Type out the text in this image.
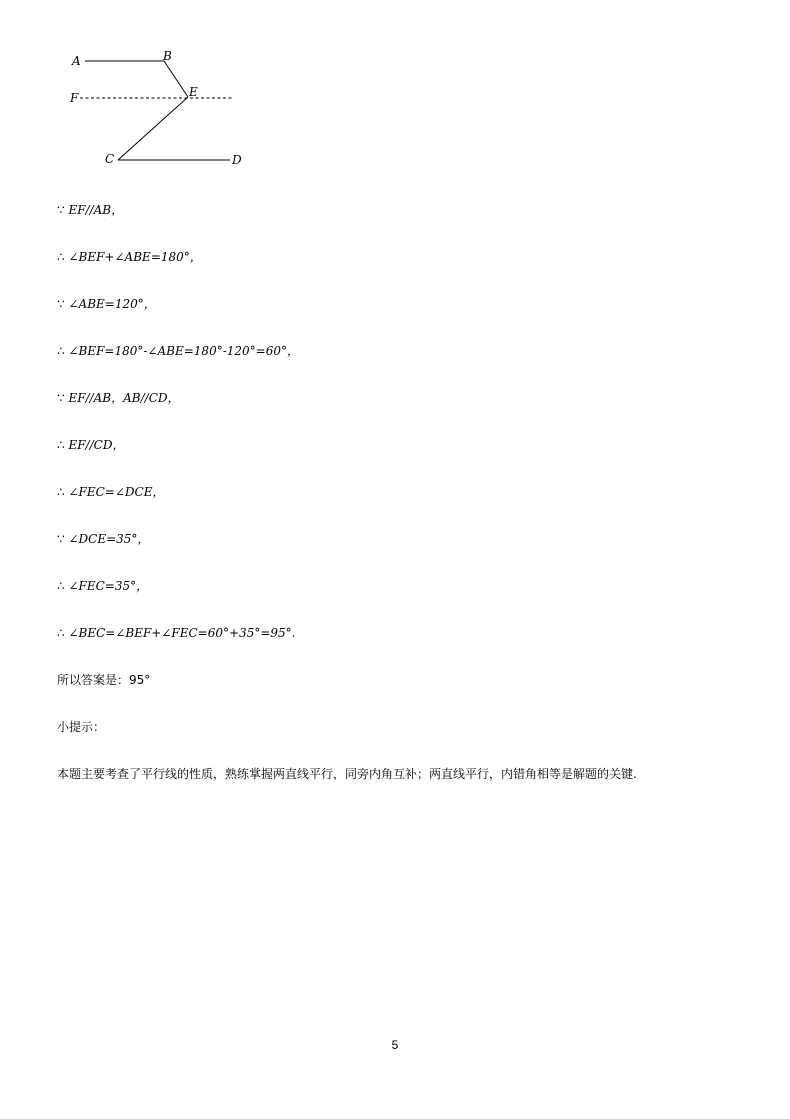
A	B
E
F
C	D
∵ EF//AB，
∴ ∠BEF+∠ABE=180°，
∵ ∠ABE=120°，
∴ ∠BEF=180°-∠ABE=180°-120°=60°，
∵ EF//AB，AB//CD，
∴ EF//CD，
∴ ∠FEC=∠DCE，
∵ ∠DCE=35°，
∴ ∠FEC=35°，
∴ ∠BEC=∠BEF+∠FEC=60°+35°=95°.
所以答案是：95°
小提示：
本题主要考查了平行线的性质，熟练掌握两直线平行，同旁内角互补；两直线平行，内错角相等是解题的关键.
5
